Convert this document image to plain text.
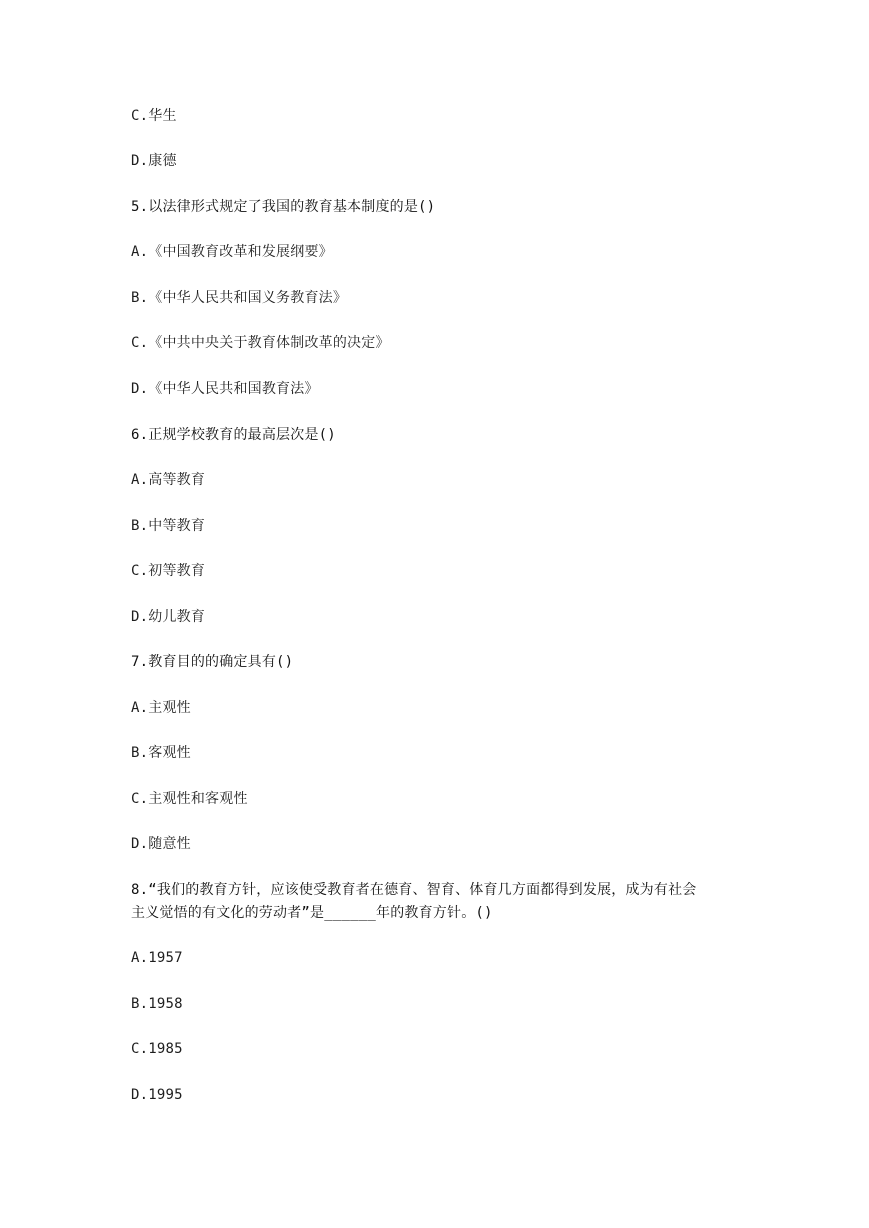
C.华生
D.康德
5.以法律形式规定了我国的教育基本制度的是()
A.《中国教育改革和发展纲要》
B.《中华人民共和国义务教育法》
C.《中共中央关于教育体制改革的决定》
D.《中华人民共和国教育法》
6.正规学校教育的最高层次是()
A.高等教育
B.中等教育
C.初等教育
D.幼儿教育
7.教育目的的确定具有()
A.主观性
B.客观性
C.主观性和客观性
D.随意性
8.“我们的教育方针，应该使受教育者在德育、智育、体育几方面都得到发展，成为有社会
主义觉悟的有文化的劳动者”是______年的教育方针。()
A.1957
B.1958
C.1985
D.1995
